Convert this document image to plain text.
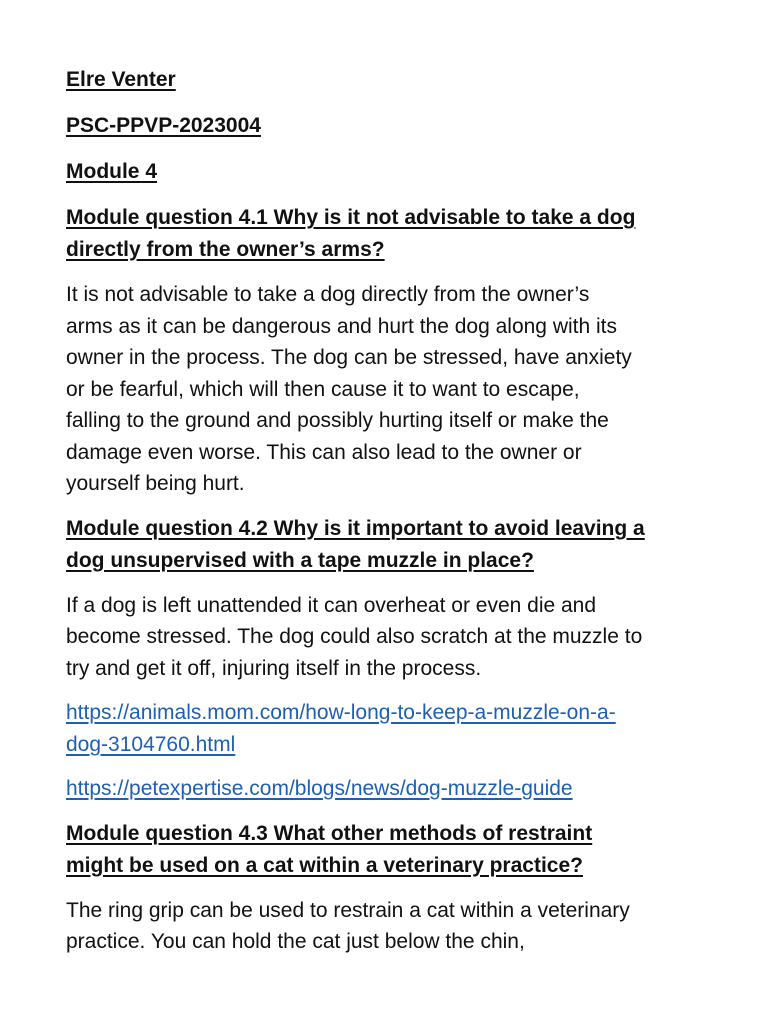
Elre Venter

PSC-PPVP-2023004

Module 4

Module question 4.1 Why is it not advisable to take a dog

directly from the owner’s arms?

It is not advisable to take a dog directly from the owner’s

arms as it can be dangerous and hurt the dog along with its

owner in the process. The dog can be stressed, have anxiety

or be fearful, which will then cause it to want to escape,

falling to the ground and possibly hurting itself or make the

damage even worse. This can also lead to the owner or

yourself being hurt.

Module question 4.2 Why is it important to avoid leaving a

dog unsupervised with a tape muzzle in place?

If a dog is left unattended it can overheat or even die and

become stressed. The dog could also scratch at the muzzle to

try and get it off, injuring itself in the process.

https://animals.mom.com/how-long-to-keep-a-muzzle-on-a-

dog-3104760.html

https://petexpertise.com/blogs/news/dog-muzzle-guide

Module question 4.3 What other methods of restraint

might be used on a cat within a veterinary practice?

The ring grip can be used to restrain a cat within a veterinary

practice. You can hold the cat just below the chin,
